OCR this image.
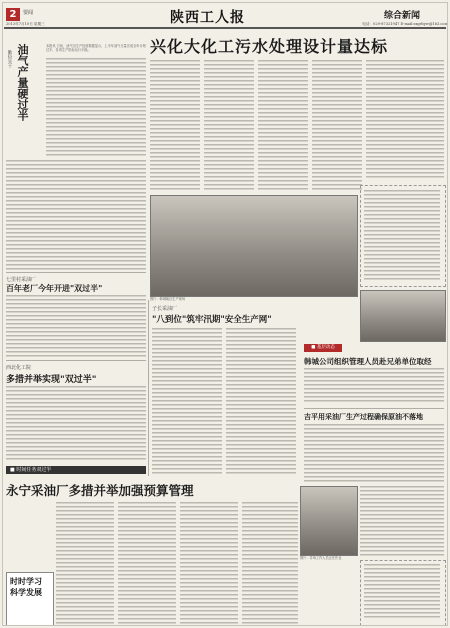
2	要闻
2013年7月10日 星期三	陕西工人报	综合新闻
电话：029-87321947 E-mail:sxgrbyw@163.com
兴化大化工污水处理设计量达标
勤俭实干 油气产量硬过半	本报讯 日前，油气田生产经营数据显示，上半年油气当量完成全年计划过半，各项生产指标运行平稳。
图片：韩城地区生产现场
七里村采油厂
百年老厂今年开进"双过半"
西北化工院
多措并举实现"双过半"
■ 时间任务双过半
永宁采油厂多措并举加强预算管理
时时学习 科学发展
子长采油厂
"八到位"筑牢汛期"安全生产网"
■ 基层动态
韩城公司组织管理人员赴兄弟单位取经
吉平用采油厂生产过程确保原油不落地
图片：井场工作人员正在作业
